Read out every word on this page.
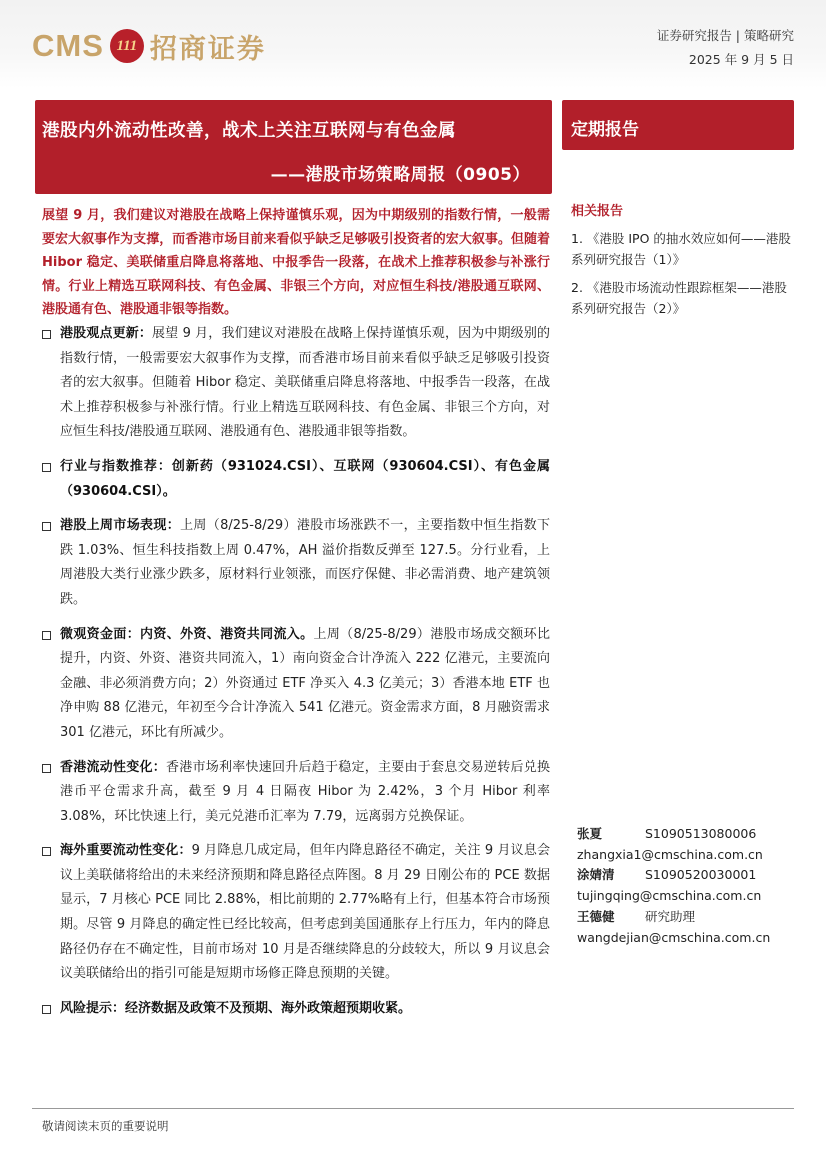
CMS 111 招商证券	证券研究报告 | 策略研究
2025 年 9 月 5 日
港股内外流动性改善，战术上关注互联网与有色金属
——港股市场策略周报（0905）
定期报告
展望 9 月，我们建议对港股在战略上保持谨慎乐观，因为中期级别的指数行情，一般需要宏大叙事作为支撑，而香港市场目前来看似乎缺乏足够吸引投资者的宏大叙事。但随着 Hibor 稳定、美联储重启降息将落地、中报季告一段落，在战术上推荐积极参与补涨行情。行业上精选互联网科技、有色金属、非银三个方向，对应恒生科技/港股通互联网、港股通有色、港股通非银等指数。
港股观点更新：展望 9 月，我们建议对港股在战略上保持谨慎乐观，因为中期级别的指数行情，一般需要宏大叙事作为支撑，而香港市场目前来看似乎缺乏足够吸引投资者的宏大叙事。但随着 Hibor 稳定、美联储重启降息将落地、中报季告一段落，在战术上推荐积极参与补涨行情。行业上精选互联网科技、有色金属、非银三个方向，对应恒生科技/港股通互联网、港股通有色、港股通非银等指数。
行业与指数推荐：创新药（931024.CSI）、互联网（930604.CSI）、有色金属（930604.CSI）。
港股上周市场表现：上周（8/25-8/29）港股市场涨跌不一，主要指数中恒生指数下跌 1.03%、恒生科技指数上周 0.47%，AH 溢价指数反弹至 127.5。分行业看，上周港股大类行业涨少跌多，原材料行业领涨，而医疗保健、非必需消费、地产建筑领跌。
微观资金面：内资、外资、港资共同流入。上周（8/25-8/29）港股市场成交额环比提升，内资、外资、港资共同流入，1）南向资金合计净流入 222 亿港元，主要流向金融、非必须消费方向；2）外资通过 ETF 净买入 4.3 亿美元；3）香港本地 ETF 也净申购 88 亿港元，年初至今合计净流入 541 亿港元。资金需求方面，8 月融资需求 301 亿港元，环比有所减少。
香港流动性变化：香港市场利率快速回升后趋于稳定，主要由于套息交易逆转后兑换港币平仓需求升高，截至 9 月 4 日隔夜 Hibor 为 2.42%，3 个月 Hibor 利率 3.08%，环比快速上行，美元兑港币汇率为 7.79，远离弱方兑换保证。
海外重要流动性变化：9 月降息几成定局，但年内降息路径不确定，关注 9 月议息会议上美联储将给出的未来经济预期和降息路径点阵图。8 月 29 日刚公布的 PCE 数据显示，7 月核心 PCE 同比 2.88%，相比前期的 2.77%略有上行，但基本符合市场预期。尽管 9 月降息的确定性已经比较高，但考虑到美国通胀存上行压力，年内的降息路径仍存在不确定性，目前市场对 10 月是否继续降息的分歧较大，所以 9 月议息会议美联储给出的指引可能是短期市场修正降息预期的关键。
风险提示：经济数据及政策不及预期、海外政策超预期收紧。
相关报告
1. 《港股 IPO 的抽水效应如何——港股系列研究报告（1）》
2. 《港股市场流动性跟踪框架——港股系列研究报告（2）》
张夏	S1090513080006
zhangxia1@cmschina.com.cn
涂婧清	S1090520030001
tujingqing@cmschina.com.cn
王德健	研究助理
wangdejian@cmschina.com.cn
敬请阅读末页的重要说明
